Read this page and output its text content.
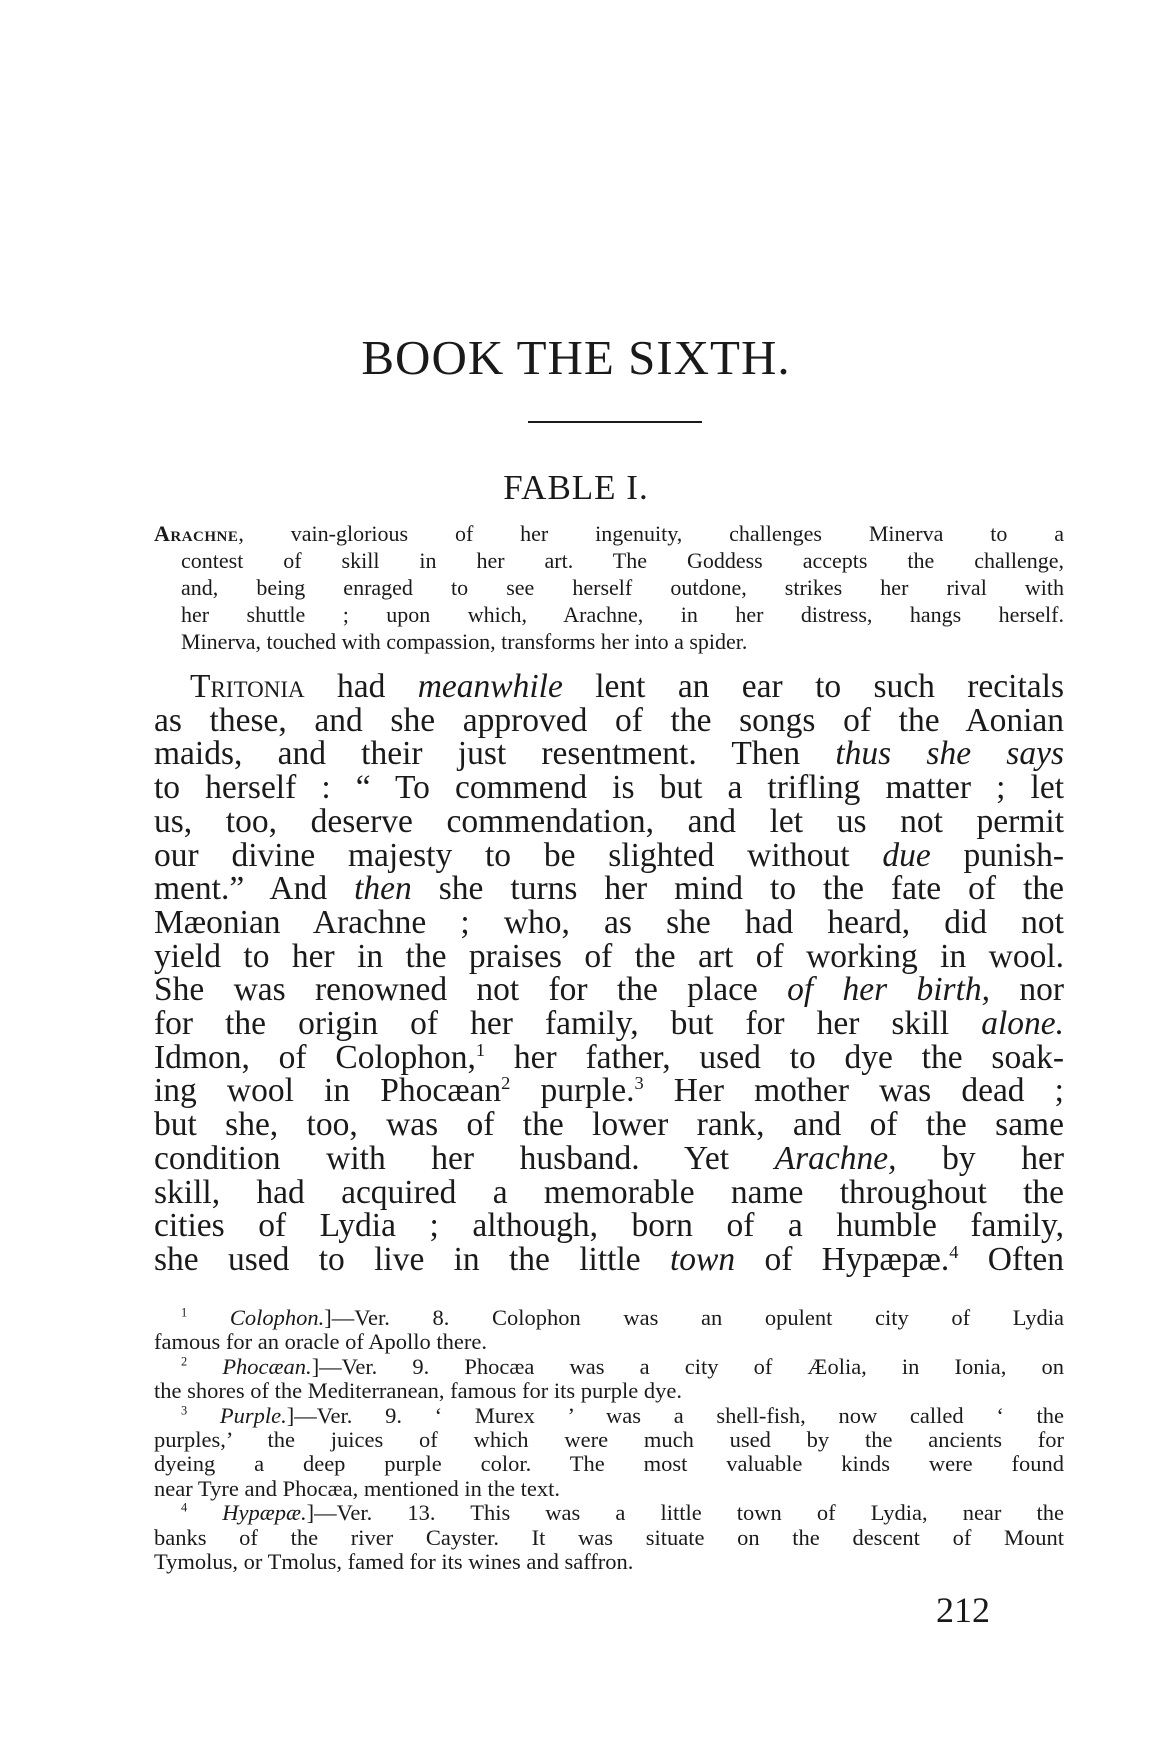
BOOK THE SIXTH.
FABLE I.
Arachne, vain-glorious of her ingenuity, challenges Minerva to a
contest of skill in her art. The Goddess accepts the challenge,
and, being enraged to see herself outdone, strikes her rival with
her shuttle ; upon which, Arachne, in her distress, hangs herself.
Minerva, touched with compassion, transforms her into a spider.
Tritonia had meanwhile lent an ear to such recitals
as these, and she approved of the songs of the Aonian
maids, and their just resentment. Then thus she says
to herself : “ To commend is but a trifling matter ; let
us, too, deserve commendation, and let us not permit
our divine majesty to be slighted without due punish-
ment.” And then she turns her mind to the fate of the
Mæonian Arachne ; who, as she had heard, did not
yield to her in the praises of the art of working in wool.
She was renowned not for the place of her birth, nor
for the origin of her family, but for her skill alone.
Idmon, of Colophon,$^1$ her father, used to dye the soak-
ing wool in Phocæan$^2$ purple.$^3$ Her mother was dead ;
but she, too, was of the lower rank, and of the same
condition with her husband. Yet Arachne, by her
skill, had acquired a memorable name throughout the
cities of Lydia ; although, born of a humble family,
she used to live in the little town of Hypæpæ.$^4$ Often
$^1$ Colophon.]—Ver. 8. Colophon was an opulent city of Lydia
famous for an oracle of Apollo there.
$^2$ Phocæan.]—Ver. 9. Phocæa was a city of Æolia, in Ionia, on
the shores of the Mediterranean, famous for its purple dye.
$^3$ Purple.]—Ver. 9. ‘ Murex ’ was a shell-fish, now called ‘ the
purples,’ the juices of which were much used by the ancients for
dyeing a deep purple color. The most valuable kinds were found
near Tyre and Phocæa, mentioned in the text.
$^4$ Hypæpæ.]—Ver. 13. This was a little town of Lydia, near the
banks of the river Cayster. It was situate on the descent of Mount
Tymolus, or Tmolus, famed for its wines and saffron.
212
